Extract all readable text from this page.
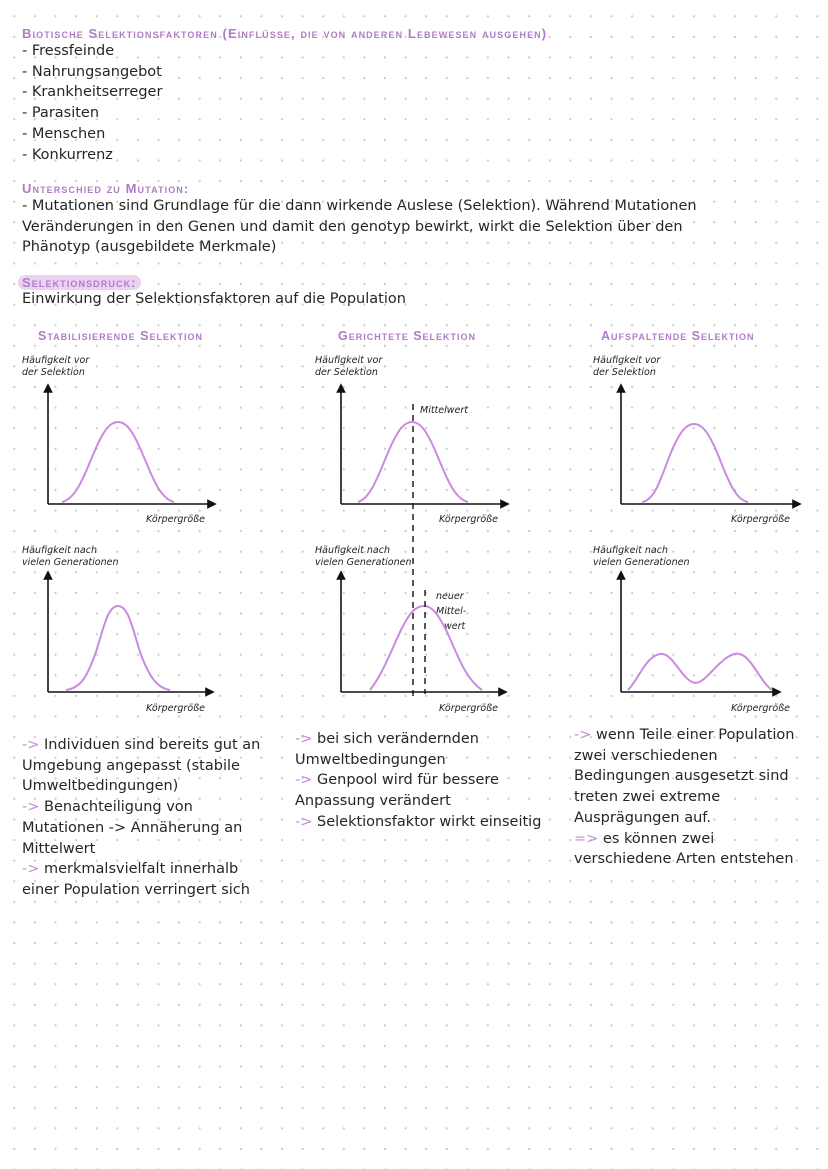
Biotische Selektionsfaktoren (Einflüsse, die von anderen Lebewesen ausgehen)
- Fressfeinde
- Nahrungsangebot
- Krankheitserreger
- Parasiten
- Menschen
- Konkurrenz
Unterschied zu Mutation:
- Mutationen sind Grundlage für die dann wirkende Auslese (Selektion). Während Mutationen
Veränderungen in den Genen und damit den genotyp bewirkt, wirkt die Selektion über den
Phänotyp (ausgebildete Merkmale)
Selektionsdruck:
Einwirkung der Selektionsfaktoren auf die Population
Stabilisierende Selektion	Gerichtete Selektion	Aufspaltende Selektion
Häufigkeit vor
der Selektion
Körpergröße
Häufigkeit nach
vielen Generationen
Körpergröße
Häufigkeit vor
der Selektion
Mittelwert
Körpergröße
Häufigkeit nach
vielen Generationen
neuer
Mittel-
wert
Körpergröße
Häufigkeit vor
der Selektion
Körpergröße
Häufigkeit nach
vielen Generationen
Körpergröße

-> Individuen sind bereits gut an

Umgebung angepasst (stabile

Umweltbedingungen)

-> Benachteiligung von

Mutationen -> Annäherung an

Mittelwert

-> merkmalsvielfalt innerhalb

einer Population verringert sich

-> bei sich verändernden

Umweltbedingungen

-> Genpool wird für bessere

Anpassung verändert

-> Selektionsfaktor wirkt einseitig

-> wenn Teile einer Population

zwei verschiedenen

Bedingungen ausgesetzt sind

treten zwei extreme

Ausprägungen auf.

=> es können zwei

verschiedene Arten entstehen
